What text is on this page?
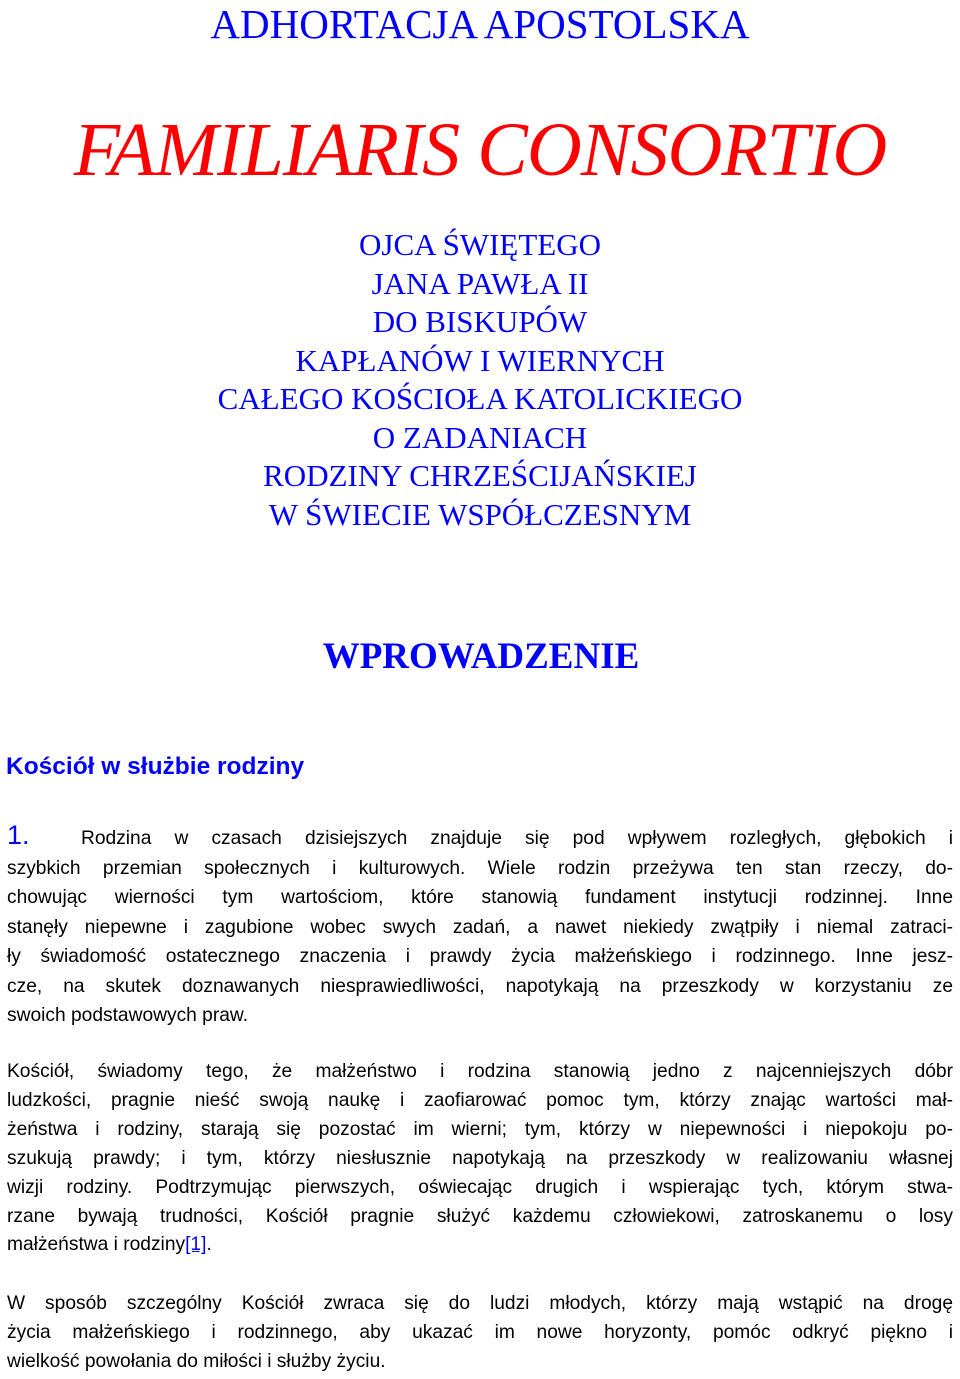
ADHORTACJA APOSTOLSKA
FAMILIARIS CONSORTIO
OJCA ŚWIĘTEGO
JANA PAWŁA II
DO BISKUPÓW
KAPŁANÓW I WIERNYCH
CAŁEGO KOŚCIOŁA KATOLICKIEGO
O ZADANIACH
RODZINY CHRZEŚCIJAŃSKIEJ
W ŚWIECIE WSPÓŁCZESNYM
WPROWADZENIE
Kościół w służbie rodziny
1.	Rodzina w czasach dzisiejszych znajduje się pod wpływem rozległych, głębokich i
szybkich przemian społecznych i kulturowych. Wiele rodzin przeżywa ten stan rzeczy, do-
chowując wierności tym wartościom, które stanowią fundament instytucji rodzinnej. Inne
stanęły niepewne i zagubione wobec swych zadań, a nawet niekiedy zwątpiły i niemal zatraci-
ły świadomość ostatecznego znaczenia i prawdy życia małżeńskiego i rodzinnego. Inne jesz-
cze, na skutek doznawanych niesprawiedliwości, napotykają na przeszkody w korzystaniu ze
swoich podstawowych praw.
Kościół, świadomy tego, że małżeństwo i rodzina stanowią jedno z najcenniejszych dóbr
ludzkości, pragnie nieść swoją naukę i zaofiarować pomoc tym, którzy znając wartości mał-
żeństwa i rodziny, starają się pozostać im wierni; tym, którzy w niepewności i niepokoju po-
szukują prawdy; i tym, którzy niesłusznie napotykają na przeszkody w realizowaniu własnej
wizji rodziny. Podtrzymując pierwszych, oświecając drugich i wspierając tych, którym stwa-
rzane bywają trudności, Kościół pragnie służyć każdemu człowiekowi, zatroskanemu o losy
małżeństwa i rodziny[1].
W sposób szczególny Kościół zwraca się do ludzi młodych, którzy mają wstąpić na drogę
życia małżeńskiego i rodzinnego, aby ukazać im nowe horyzonty, pomóc odkryć piękno i
wielkość powołania do miłości i służby życiu.
